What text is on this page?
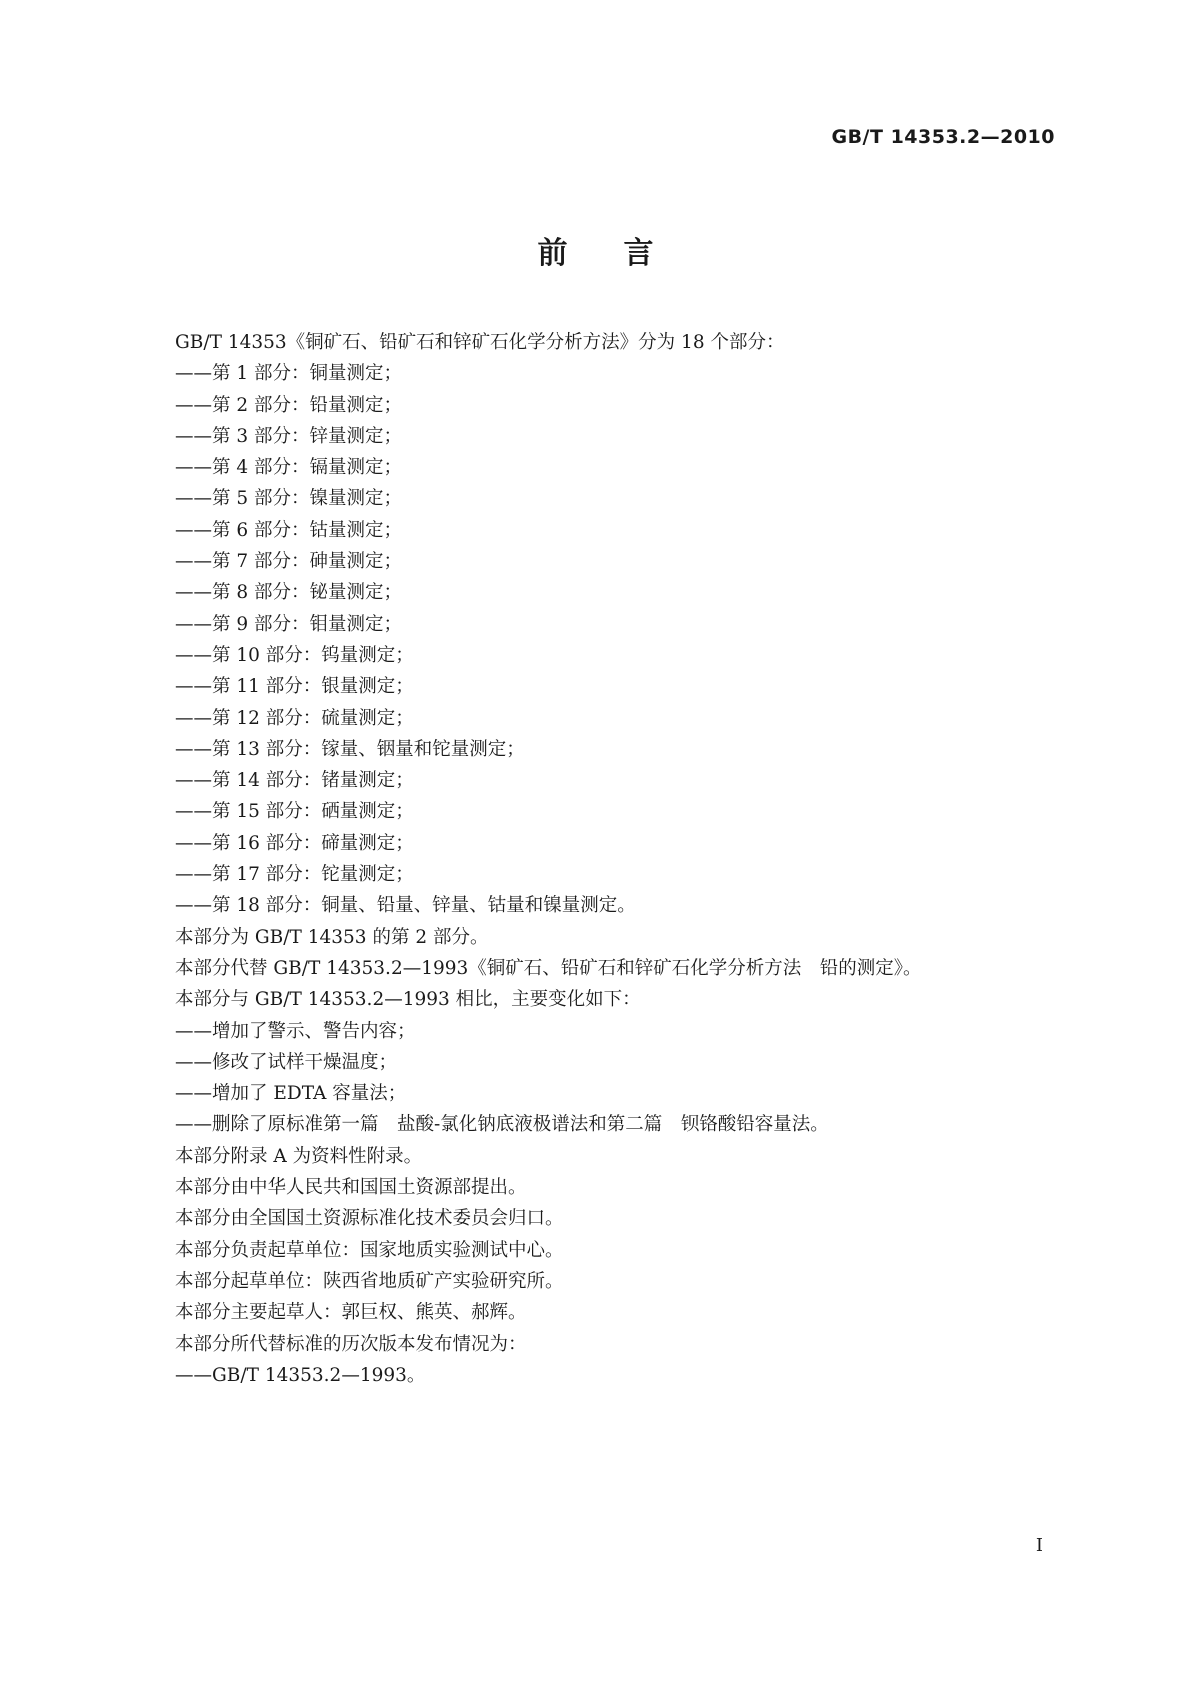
GB/T 14353.2—2010
前言
GB/T 14353《铜矿石、铅矿石和锌矿石化学分析方法》分为 18 个部分：
——第 1 部分：铜量测定；
——第 2 部分：铅量测定；
——第 3 部分：锌量测定；
——第 4 部分：镉量测定；
——第 5 部分：镍量测定；
——第 6 部分：钴量测定；
——第 7 部分：砷量测定；
——第 8 部分：铋量测定；
——第 9 部分：钼量测定；
——第 10 部分：钨量测定；
——第 11 部分：银量测定；
——第 12 部分：硫量测定；
——第 13 部分：镓量、铟量和铊量测定；
——第 14 部分：锗量测定；
——第 15 部分：硒量测定；
——第 16 部分：碲量测定；
——第 17 部分：铊量测定；
——第 18 部分：铜量、铅量、锌量、钴量和镍量测定。
本部分为 GB/T 14353 的第 2 部分。
本部分代替 GB/T 14353.2—1993《铜矿石、铅矿石和锌矿石化学分析方法　铅的测定》。
本部分与 GB/T 14353.2—1993 相比，主要变化如下：
——增加了警示、警告内容；
——修改了试样干燥温度；
——增加了 EDTA 容量法；
——删除了原标准第一篇　盐酸-氯化钠底液极谱法和第二篇　钡铬酸铅容量法。
本部分附录 A 为资料性附录。
本部分由中华人民共和国国土资源部提出。
本部分由全国国土资源标准化技术委员会归口。
本部分负责起草单位：国家地质实验测试中心。
本部分起草单位：陕西省地质矿产实验研究所。
本部分主要起草人：郭巨权、熊英、郝辉。
本部分所代替标准的历次版本发布情况为：
——GB/T 14353.2—1993。
I
